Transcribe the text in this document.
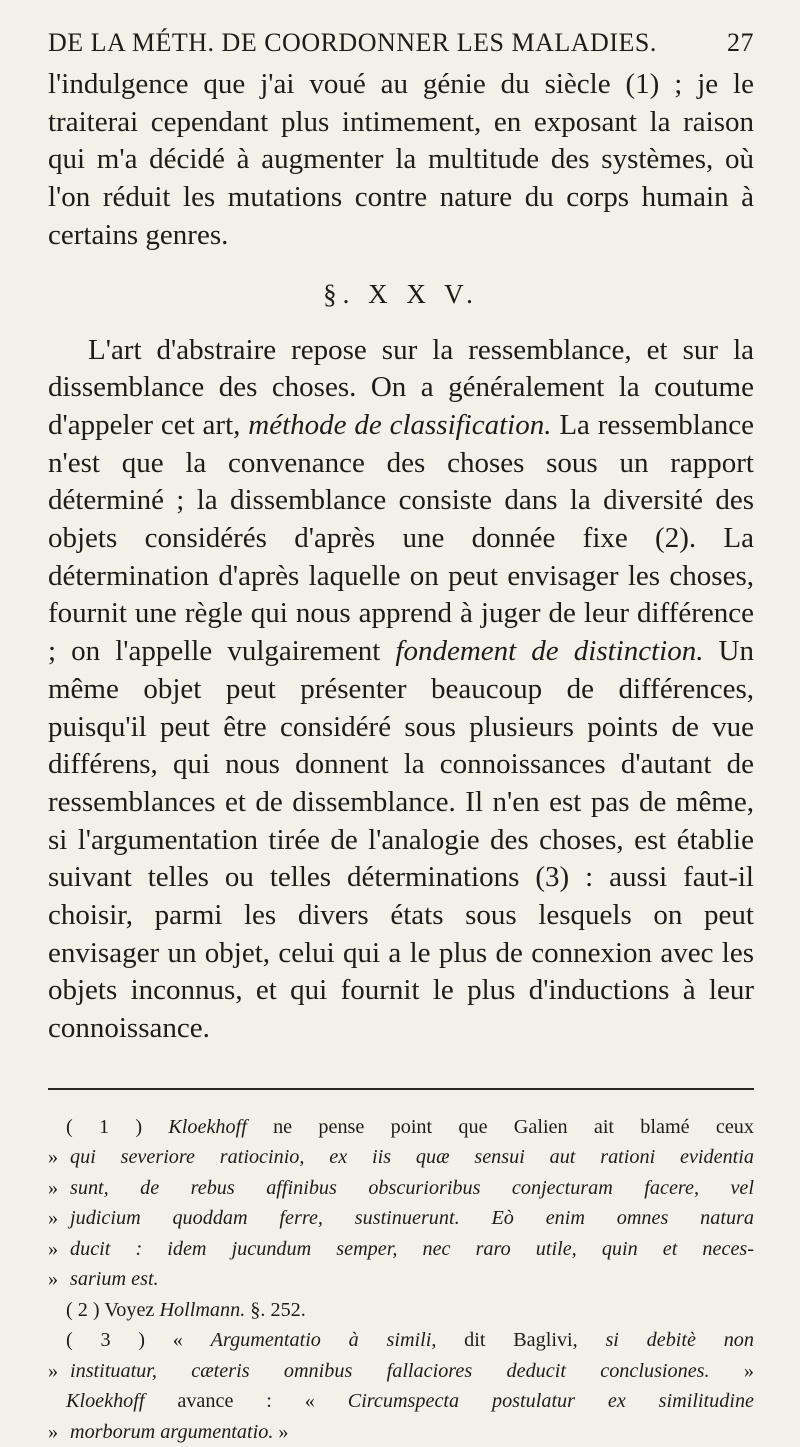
DE LA MÉTH. DE COORDONNER LES MALADIES.	27

l'indulgence que j'ai voué au génie du siècle (1) ; je le traiterai cependant plus intimement, en exposant la raison qui m'a décidé à augmenter la multitude des systèmes, où l'on réduit les mutations contre nature du corps humain à certains genres.

§. X X V.

L'art d'abstraire repose sur la ressemblance, et sur la dissemblance des choses. On a généralement la coutume d'appeler cet art, méthode de classification. La ressemblance n'est que la convenance des choses sous un rapport déterminé ; la dissemblance consiste dans la diversité des objets considérés d'après une donnée fixe (2). La détermination d'après laquelle on peut envisager les choses, fournit une règle qui nous apprend à juger de leur différence ; on l'appelle vulgairement fondement de distinction. Un même objet peut présenter beaucoup de différences, puisqu'il peut être considéré sous plusieurs points de vue différens, qui nous donnent la connoissances d'autant de ressemblances et de dissemblance. Il n'en est pas de même, si l'argumentation tirée de l'analogie des choses, est établie suivant telles ou telles déterminations (3) : aussi faut-il choisir, parmi les divers états sous lesquels on peut envisager un objet, celui qui a le plus de connexion avec les objets inconnus, et qui fournit le plus d'inductions à leur connoissance.

( 1 ) Kloekhoff ne pense point que Galien ait blamé ceux
» qui severiore ratiocinio, ex iis quæ sensui aut rationi evidentia
» sunt, de rebus affinibus obscurioribus conjecturam facere, vel
» judicium quoddam ferre, sustinuerunt. Eò enim omnes natura
» ducit : idem jucundum semper, nec raro utile, quin et neces-
» sarium est.
( 2 ) Voyez Hollmann. §. 252.
( 3 ) « Argumentatio à simili, dit Baglivi, si debitè non
» instituatur, cæteris omnibus fallaciores deducit conclusiones. »
Kloekhoff avance : « Circumspecta postulatur ex similitudine
» morborum argumentatio. »
